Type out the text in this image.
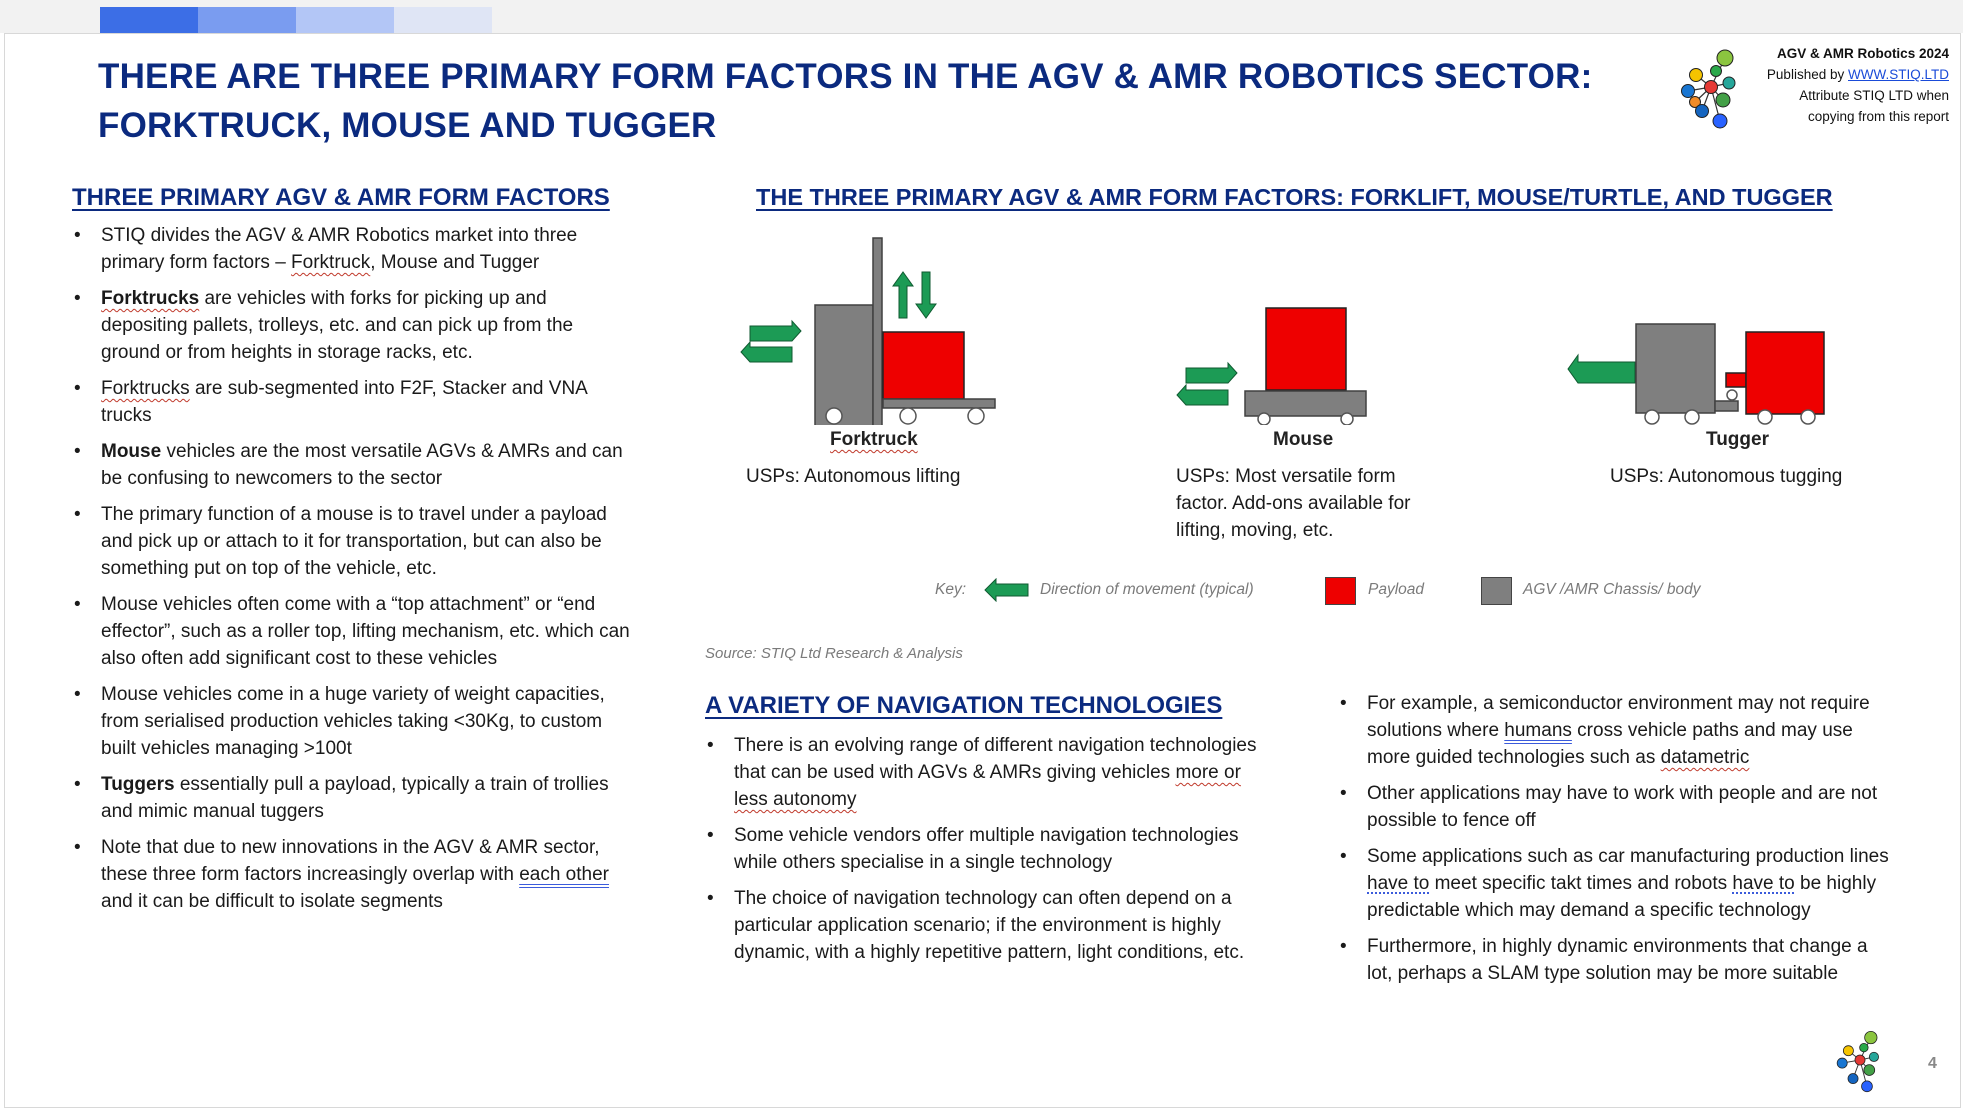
THERE ARE THREE PRIMARY FORM FACTORS IN THE AGV & AMR ROBOTICS SECTOR:
FORKTRUCK, MOUSE AND TUGGER
AGV & AMR Robotics 2024
Published by WWW.STIQ.LTD
Attribute STIQ LTD when
copying from this report
THREE PRIMARY AGV & AMR FORM FACTORS
• STIQ divides the AGV & AMR Robotics market into three primary form factors – Forktruck, Mouse and Tugger
• Forktrucks are vehicles with forks for picking up and depositing pallets, trolleys, etc. and can pick up from the ground or from heights in storage racks, etc.
• Forktrucks are sub-segmented into F2F, Stacker and VNA trucks
• Mouse vehicles are the most versatile AGVs & AMRs and can be confusing to newcomers to the sector
• The primary function of a mouse is to travel under a payload and pick up or attach to it for transportation, but can also be something put on top of the vehicle, etc.
• Mouse vehicles often come with a “top attachment” or “end effector”, such as a roller top, lifting mechanism, etc. which can also often add significant cost to these vehicles
• Mouse vehicles come in a huge variety of weight capacities, from serialised production vehicles taking <30Kg, to custom built vehicles managing >100t
• Tuggers essentially pull a payload, typically a train of trollies and mimic manual tuggers
• Note that due to new innovations in the AGV & AMR sector, these three form factors increasingly overlap with each other and it can be difficult to isolate segments
THE THREE PRIMARY AGV & AMR FORM FACTORS: FORKLIFT, MOUSE/TURTLE, AND TUGGER
Forktruck
USPs: Autonomous lifting
Mouse
USPs: Most versatile form factor. Add-ons available for lifting, moving, etc.
Tugger
USPs: Autonomous tugging
Key:	Direction of movement (typical)	Payload	AGV /AMR Chassis/ body
Source: STIQ Ltd Research & Analysis
A VARIETY OF NAVIGATION TECHNOLOGIES
• There is an evolving range of different navigation technologies that can be used with AGVs & AMRs giving vehicles more or less autonomy
• Some vehicle vendors offer multiple navigation technologies while others specialise in a single technology
• The choice of navigation technology can often depend on a particular application scenario; if the environment is highly dynamic, with a highly repetitive pattern, light conditions, etc.
• For example, a semiconductor environment may not require solutions where humans cross vehicle paths and may use more guided technologies such as datametric
• Other applications may have to work with people and are not possible to fence off
• Some applications such as car manufacturing production lines have to meet specific takt times and robots have to be highly predictable which may demand a specific technology
• Furthermore, in highly dynamic environments that change a lot, perhaps a SLAM type solution may be more suitable
4
